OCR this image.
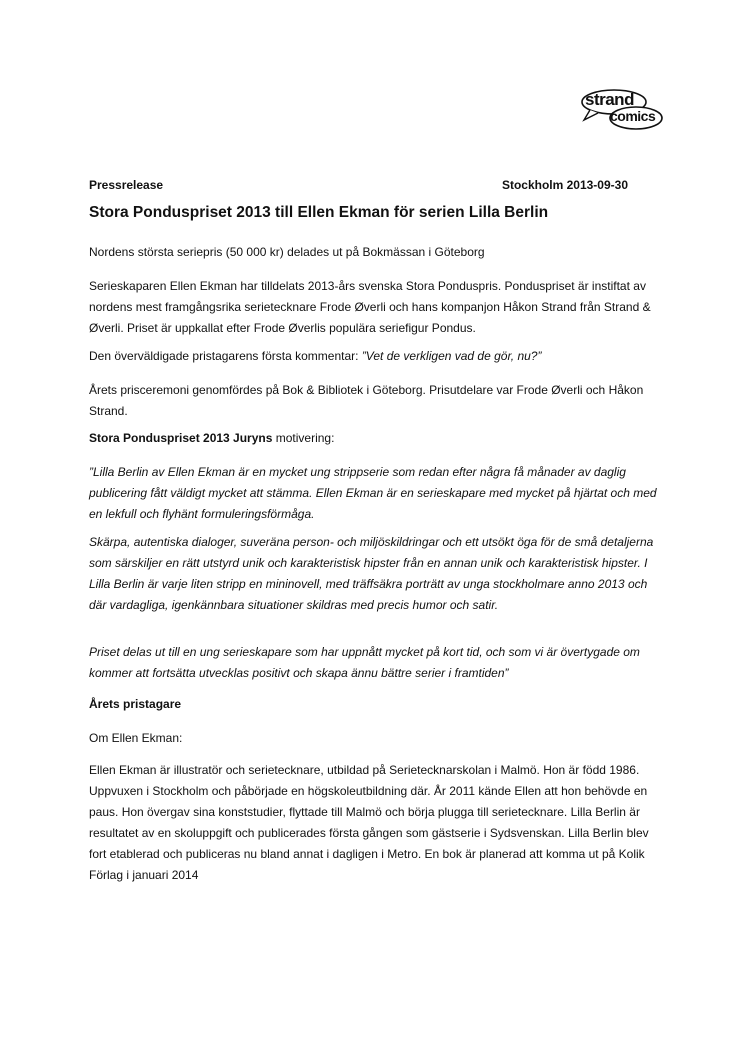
strand
comics
Pressrelease	Stockholm 2013-09-30
Stora Ponduspriset 2013 till Ellen Ekman för serien Lilla Berlin

Nordens största seriepris (50 000 kr) delades ut på Bokmässan i Göteborg

Serieskaparen Ellen Ekman har tilldelats 2013-års svenska Stora Ponduspris. Ponduspriset är instiftat av nordens mest framgångsrika serietecknare Frode Øverli och hans kompanjon Håkon Strand från Strand & Øverli. Priset är uppkallat efter Frode Øverlis populära seriefigur Pondus.

Den överväldigade pristagarens första kommentar: ”Vet de verkligen vad de gör, nu?”

Årets prisceremoni genomfördes på Bok & Bibliotek i Göteborg. Prisutdelare var Frode Øverli och Håkon Strand.

Stora Ponduspriset 2013 Juryns motivering:

”Lilla Berlin av Ellen Ekman är en mycket ung strippserie som redan efter några få månader av daglig publicering fått väldigt mycket att stämma. Ellen Ekman är en serieskapare med mycket på hjärtat och med en lekfull och flyhänt formuleringsförmåga.

Skärpa, autentiska dialoger, suveräna person- och miljöskildringar och ett utsökt öga för de små detaljerna som särskiljer en rätt utstyrd unik och karakteristisk hipster från en annan unik och karakteristisk hipster. I Lilla Berlin är varje liten stripp en mininovell, med träffsäkra porträtt av unga stockholmare anno 2013 och där vardagliga, igenkännbara situationer skildras med precis humor och satir.

Priset delas ut till en ung serieskapare som har uppnått mycket på kort tid, och som vi är övertygade om kommer att fortsätta utvecklas positivt och skapa ännu bättre serier i framtiden”

Årets pristagare

Om Ellen Ekman:

Ellen Ekman är illustratör och serietecknare, utbildad på Serietecknarskolan i Malmö. Hon är född 1986. Uppvuxen i Stockholm och påbörjade en högskoleutbildning där. År 2011 kände Ellen att hon behövde en paus. Hon övergav sina konststudier, flyttade till Malmö och börja plugga till serietecknare. Lilla Berlin är resultatet av en skoluppgift och publicerades första gången som gästserie i Sydsvenskan. Lilla Berlin blev fort etablerad och publiceras nu bland annat i dagligen i Metro. En bok är planerad att komma ut på Kolik Förlag i januari 2014
